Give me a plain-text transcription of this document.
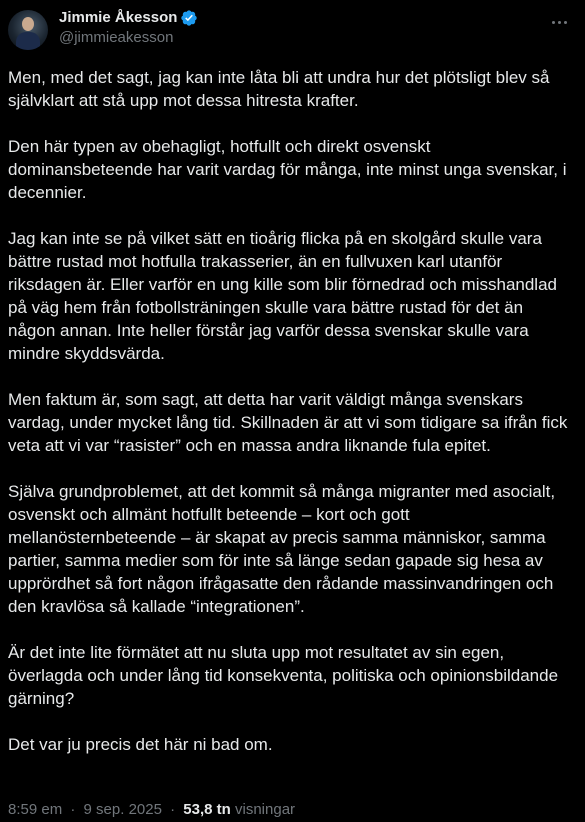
Jimmie Åkesson
@jimmieakesson

Men, med det sagt, jag kan inte låta bli att undra hur det plötsligt blev så självklart att stå upp mot dessa hitresta krafter.

Den här typen av obehagligt, hotfullt och direkt osvenskt dominansbeteende har varit vardag för många, inte minst unga svenskar, i decennier.

Jag kan inte se på vilket sätt en tioårig flicka på en skolgård skulle vara bättre rustad mot hotfulla trakasserier, än en fullvuxen karl utanför riksdagen är. Eller varför en ung kille som blir förnedrad och misshandlad på väg hem från fotbollsträningen skulle vara bättre rustad för det än någon annan. Inte heller förstår jag varför dessa svenskar skulle vara mindre skyddsvärda.

Men faktum är, som sagt, att detta har varit väldigt många svenskars vardag, under mycket lång tid. Skillnaden är att vi som tidigare sa ifrån fick veta att vi var “rasister” och en massa andra liknande fula epitet.

Själva grundproblemet, att det kommit så många migranter med asocialt, osvenskt och allmänt hotfullt beteende – kort och gott mellanösternbeteende – är skapat av precis samma människor, samma partier, samma medier som för inte så länge sedan gapade sig hesa av upprördhet så fort någon ifrågasatte den rådande massinvandringen och den kravlösa så kallade “integrationen”.

Är det inte lite förmätet att nu sluta upp mot resultatet av sin egen, överlagda och under lång tid konsekventa, politiska och opinionsbildande gärning?

Det var ju precis det här ni bad om.

8:59 em · 9 sep. 2025 · 53,8 tn visningar
